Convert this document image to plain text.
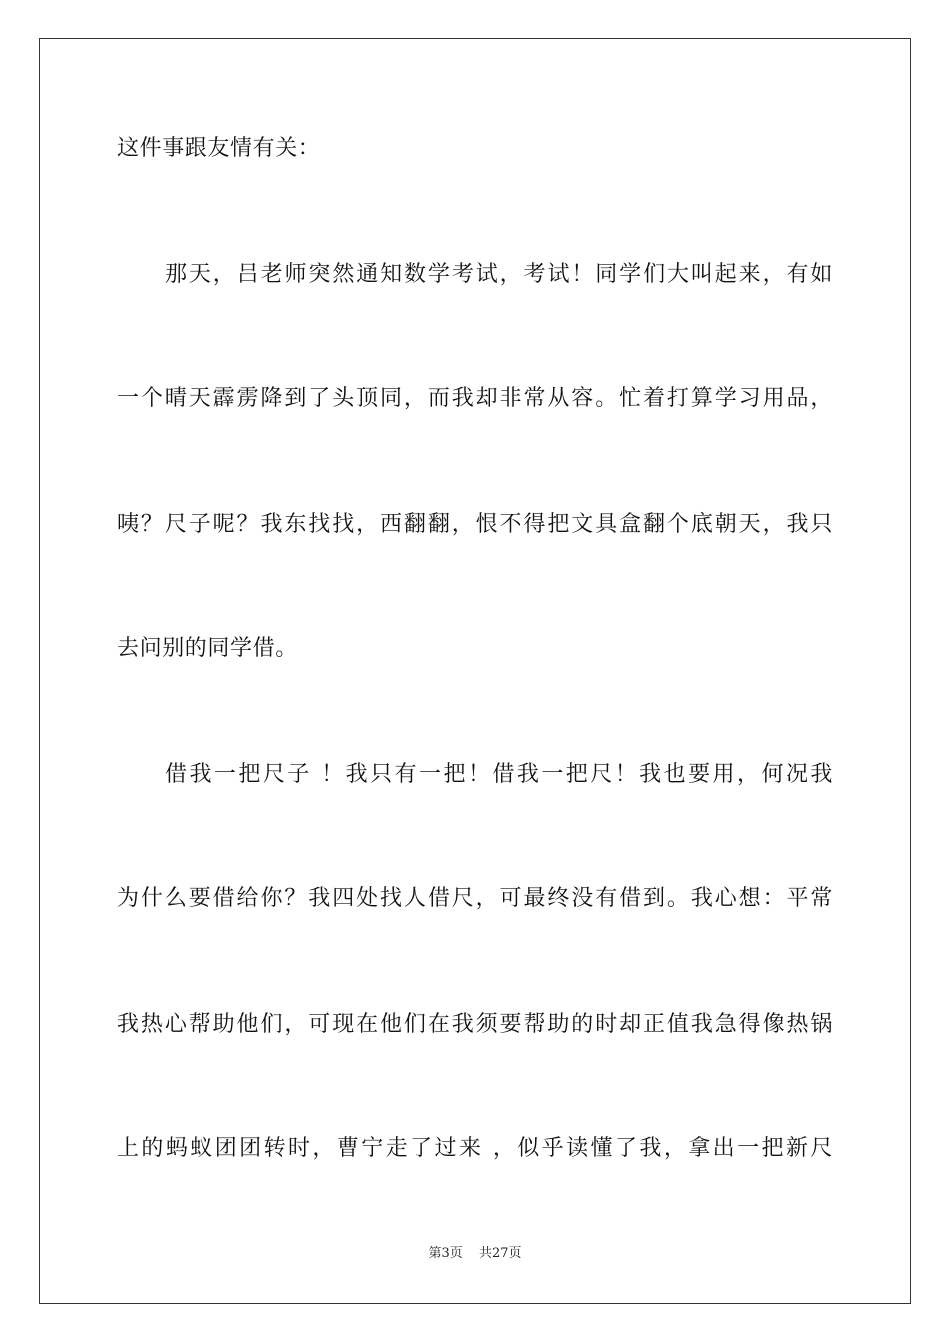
这件事跟友情有关：
那天，吕老师突然通知数学考试，考试！同学们大叫起来，有如
一个晴天霹雳降到了头顶同，而我却非常从容。忙着打算学习用品，
咦？尺子呢？我东找找，西翻翻，恨不得把文具盒翻个底朝天，我只
去问别的同学借。
借我一把尺子 ！我只有一把！借我一把尺！我也要用，何况我
为什么要借给你？我四处找人借尺，可最终没有借到。我心想：平常
我热心帮助他们，可现在他们在我须要帮助的时却正值我急得像热锅
上的蚂蚁团团转时，曹宁走了过来 ，似乎读懂了我，拿出一把新尺
第3页 共27页
